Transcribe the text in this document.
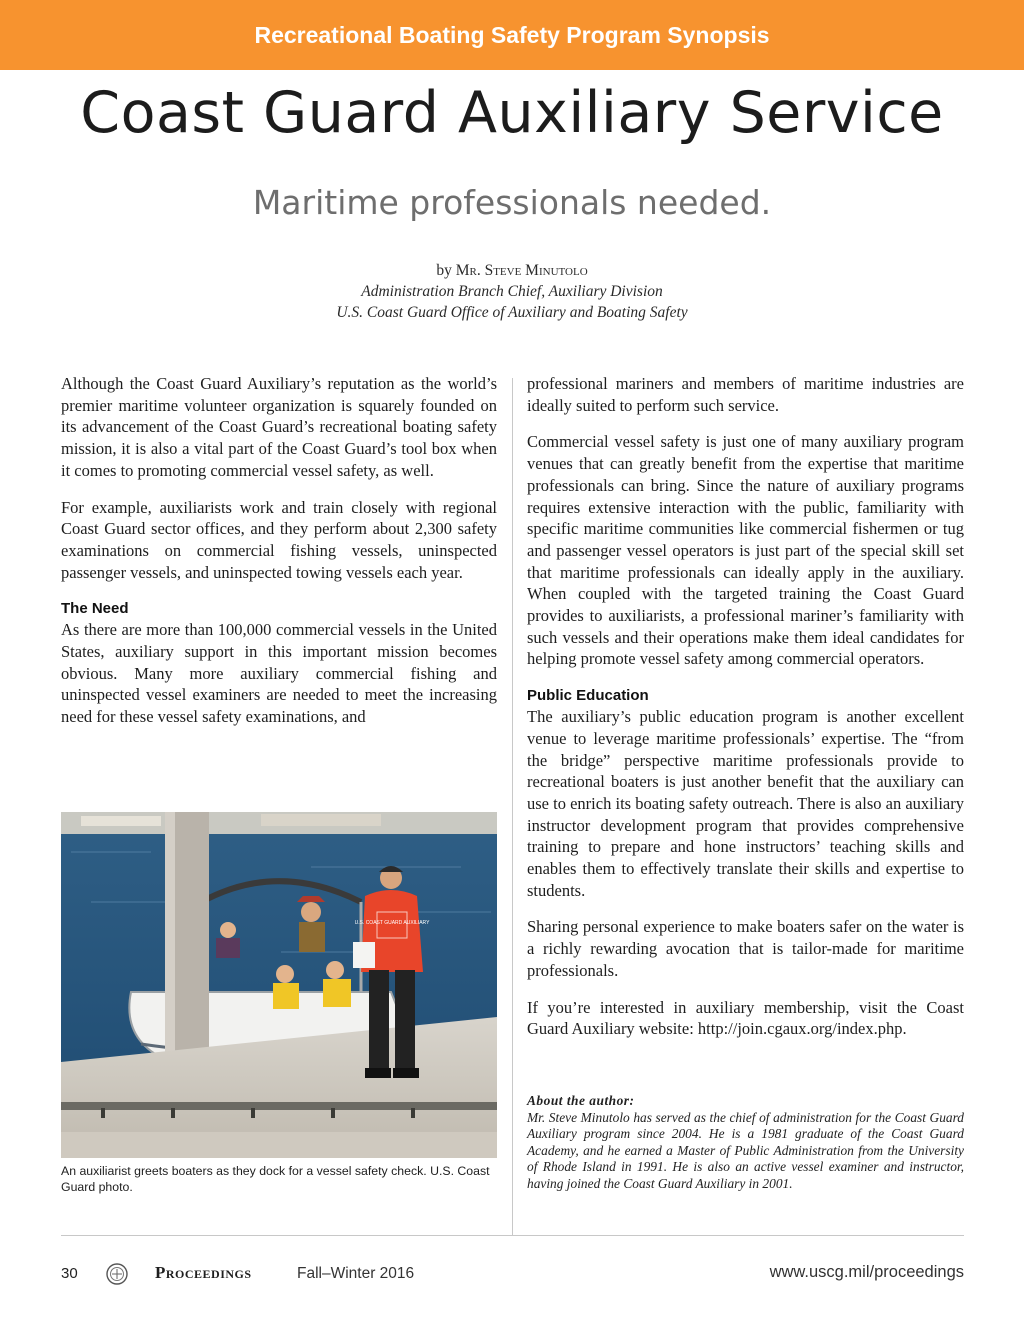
Recreational Boating Safety Program Synopsis
Coast Guard Auxiliary Service
Maritime professionals needed.
by Mr. Steve Minutolo
Administration Branch Chief, Auxiliary Division
U.S. Coast Guard Office of Auxiliary and Boating Safety

Although the Coast Guard Auxiliary’s reputation as the world’s premier maritime volunteer organization is squarely founded on its advancement of the Coast Guard’s recreational boating safety mission, it is also a vital part of the Coast Guard’s tool box when it comes to promoting commercial vessel safety, as well.

For example, auxiliarists work and train closely with regional Coast Guard sector offices, and they perform about 2,300 safety examinations on commercial fishing vessels, uninspected passenger vessels, and uninspected towing vessels each year.

The Need

As there are more than 100,000 commercial vessels in the United States, auxiliary support in this important mission becomes obvious. Many more auxiliary commercial fishing and uninspected vessel examiners are needed to meet the increasing need for these vessel safety examinations, and

U.S. COAST GUARD AUXILIARY
An auxiliarist greets boaters as they dock for a vessel safety check. U.S. Coast Guard photo.

professional mariners and members of maritime industries are ideally suited to perform such service.

Commercial vessel safety is just one of many auxiliary program venues that can greatly benefit from the expertise that maritime professionals can bring. Since the nature of auxiliary programs requires extensive interaction with the public, familiarity with specific maritime communities like commercial fishermen or tug and passenger vessel operators is just part of the special skill set that maritime professionals can ideally apply in the auxiliary. When coupled with the targeted training the Coast Guard provides to auxiliarists, a professional mariner’s familiarity with such vessels and their operations make them ideal candidates for helping promote vessel safety among commercial operators.

Public Education

The auxiliary’s public education program is another excellent venue to leverage maritime professionals’ expertise. The “from the bridge” perspective maritime professionals provide to recreational boaters is just another benefit that the auxiliary can use to enrich its boating safety outreach. There is also an auxiliary instructor development program that provides comprehensive training to prepare and hone instructors’ teaching skills and enables them to effectively translate their skills and expertise to students.

Sharing personal experience to make boaters safer on the water is a richly rewarding avocation that is tailor-made for maritime professionals.

If you’re interested in auxiliary membership, visit the Coast Guard Auxiliary website: http://join.cgaux.org/index.php.

About the author:
Mr. Steve Minutolo has served as the chief of administration for the Coast Guard Auxiliary program since 2004. He is a 1981 graduate of the Coast Guard Academy, and he earned a Master of Public Administration from the University of Rhode Island in 1991. He is also an active vessel examiner and instructor, having joined the Coast Guard Auxiliary in 2001.
30	Proceedings	Fall–Winter 2016	www.uscg.mil/proceedings
